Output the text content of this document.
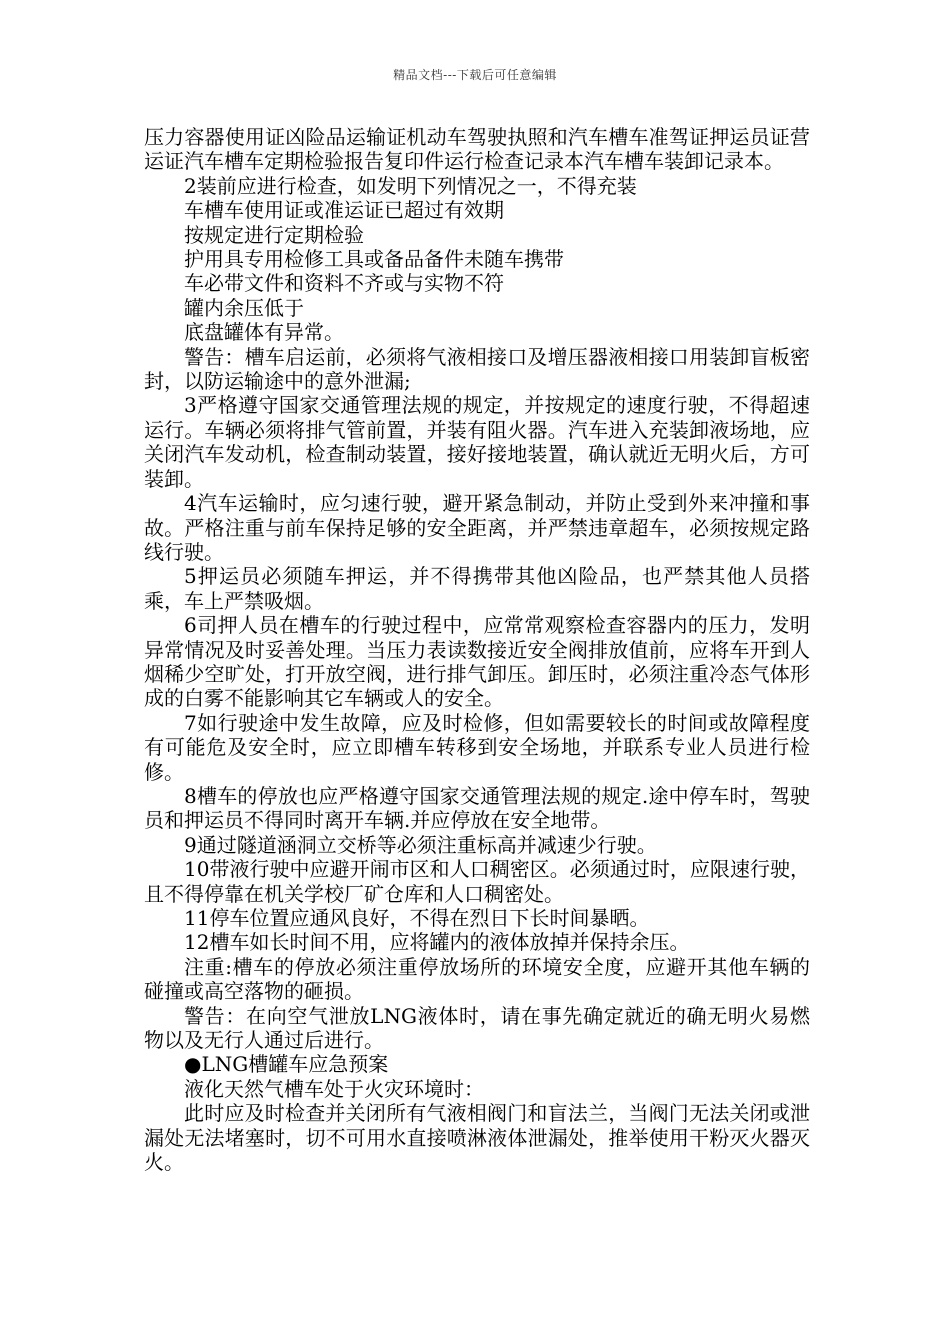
精品文档---下载后可任意编辑

压力容器使用证凶险品运输证机动车驾驶执照和汽车槽车准驾证押运员证营运证汽车槽车定期检验报告复印件运行检查记录本汽车槽车装卸记录本。

2装前应进行检查，如发明下列情况之一，不得充装

车槽车使用证或准运证已超过有效期

按规定进行定期检验

护用具专用检修工具或备品备件未随车携带

车必带文件和资料不齐或与实物不符

罐内余压低于

底盘罐体有异常。

警告：槽车启运前，必须将气液相接口及增压器液相接口用装卸盲板密封，以防运输途中的意外泄漏;

3严格遵守国家交通管理法规的规定，并按规定的速度行驶，不得超速运行。车辆必须将排气管前置，并装有阻火器。汽车进入充装卸液场地，应关闭汽车发动机，检查制动装置，接好接地装置，确认就近无明火后，方可装卸。

4汽车运输时，应匀速行驶，避开紧急制动，并防止受到外来冲撞和事故。严格注重与前车保持足够的安全距离，并严禁违章超车，必须按规定路线行驶。

5押运员必须随车押运，并不得携带其他凶险品，也严禁其他人员搭乘，车上严禁吸烟。

6司押人员在槽车的行驶过程中，应常常观察检查容器内的压力，发明异常情况及时妥善处理。当压力表读数接近安全阀排放值前，应将车开到人烟稀少空旷处，打开放空阀，进行排气卸压。卸压时，必须注重冷态气体形成的白雾不能影响其它车辆或人的安全。

7如行驶途中发生故障，应及时检修，但如需要较长的时间或故障程度有可能危及安全时，应立即槽车转移到安全场地，并联系专业人员进行检修。

8槽车的停放也应严格遵守国家交通管理法规的规定.途中停车时，驾驶员和押运员不得同时离开车辆.并应停放在安全地带。

9通过隧道涵洞立交桥等必须注重标高并减速少行驶。

10带液行驶中应避开闹市区和人口稠密区。必须通过时，应限速行驶，且不得停靠在机关学校厂矿仓库和人口稠密处。

11停车位置应通风良好，不得在烈日下长时间暴晒。

12槽车如长时间不用，应将罐内的液体放掉并保持余压。

注重:槽车的停放必须注重停放场所的环境安全度，应避开其他车辆的碰撞或高空落物的砸损。

警告：在向空气泄放LNG液体时，请在事先确定就近的确无明火易燃物以及无行人通过后进行。

●LNG槽罐车应急预案

液化天然气槽车处于火灾环境时：

此时应及时检查并关闭所有气液相阀门和盲法兰，当阀门无法关闭或泄漏处无法堵塞时，切不可用水直接喷淋液体泄漏处，推举使用干粉灭火器灭火。
